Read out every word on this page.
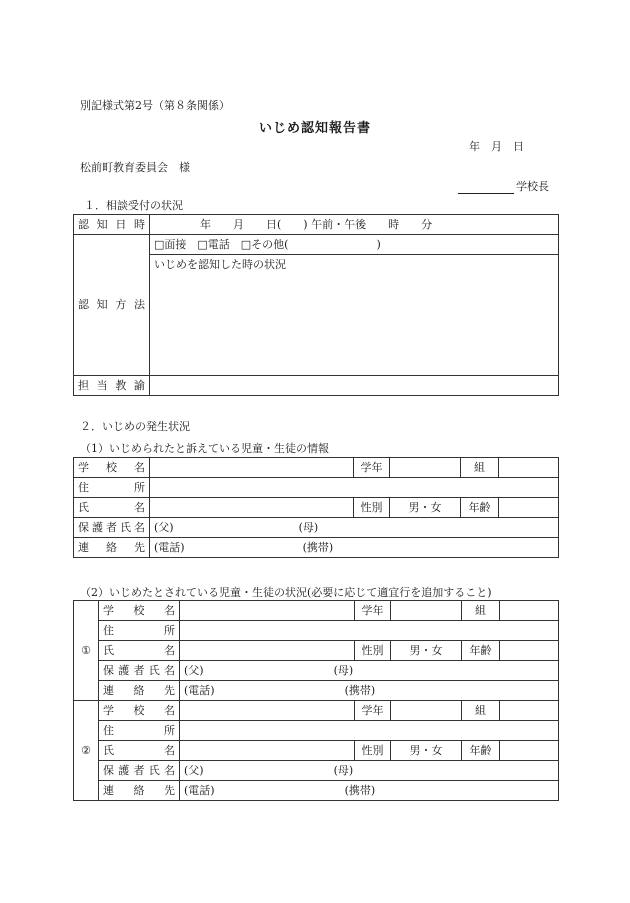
別記様式第2号（第８条関係）
いじめ認知報告書
年　月　日
松前町教育委員会　様
学校長
１．相談受付の状況
認知日時	年　　月　　日(　　) 午前・午後　　時　　分
認知方法	□面接　□電話　□その他(　　　　　　　　)
	いじめを認知した時の状況
担当教諭	
２．いじめの発生状況
（1）いじめられたと訴えている児童・生徒の情報
学校名		学年		組	
住所					
氏名		性別	男・女	年齢	
保護者氏名	(父) (母)				
連絡先	(電話) (携帯)				
（2）いじめたとされている児童・生徒の状況(必要に応じて適宜行を追加すること)
①	学校名		学年		組	
	住所					
	氏名		性別	男・女	年齢	
	保護者氏名	(父) (母)				
	連絡先	(電話) (携帯)				
②	学校名		学年		組	
	住所					
	氏名		性別	男・女	年齢	
	保護者氏名	(父) (母)				
	連絡先	(電話) (携帯)				
